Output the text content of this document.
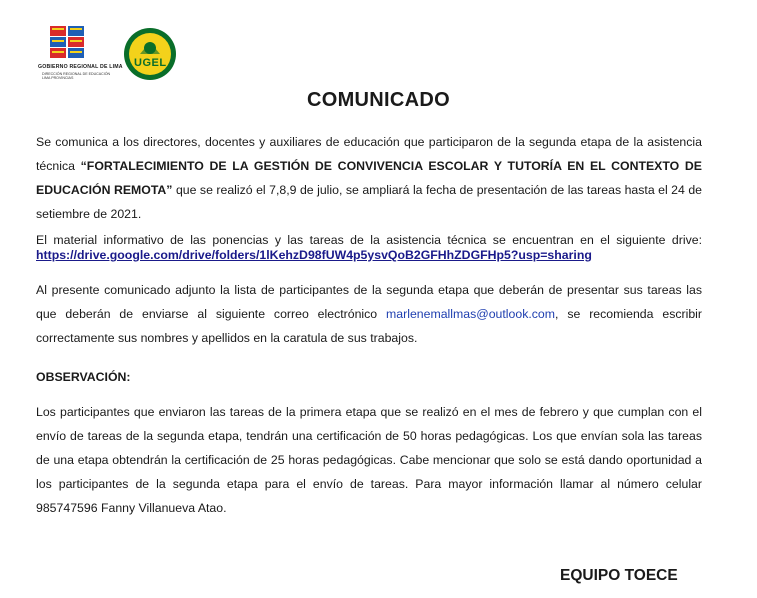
GOBIERNO REGIONAL DE LIMA
DIRECCIÓN REGIONAL DE EDUCACIÓN
LIMA PROVINCIAS
UGEL
COMUNICADO
Se comunica a los directores, docentes y auxiliares de educación que participaron de la segunda etapa de la asistencia técnica “FORTALECIMIENTO DE LA GESTIÓN DE CONVIVENCIA ESCOLAR Y TUTORÍA EN EL CONTEXTO DE EDUCACIÓN REMOTA” que se realizó el 7,8,9 de julio, se ampliará la fecha de presentación de las tareas hasta el 24 de setiembre de 2021.
El material informativo de las ponencias y las tareas de la asistencia técnica se encuentran en el siguiente drive: https://drive.google.com/drive/folders/1lKehzD98fUW4p5ysvQoB2GFHhZDGFHp5?usp=sharing
Al presente comunicado adjunto la lista de participantes de la segunda etapa que deberán de presentar sus tareas las que deberán de enviarse al siguiente correo electrónico marlenemallmas@outlook.com, se recomienda escribir correctamente sus nombres y apellidos en la caratula de sus trabajos.
OBSERVACIÓN:
Los participantes que enviaron las tareas de la primera etapa que se realizó en el mes de febrero y que cumplan con el envío de tareas de la segunda etapa, tendrán una certificación de 50 horas pedagógicas. Los que envían sola las tareas de una etapa obtendrán la certificación de 25 horas pedagógicas. Cabe mencionar que solo se está dando oportunidad a los participantes de la segunda etapa para el envío de tareas. Para mayor información llamar al número celular 985747596 Fanny Villanueva Atao.
EQUIPO TOECE
